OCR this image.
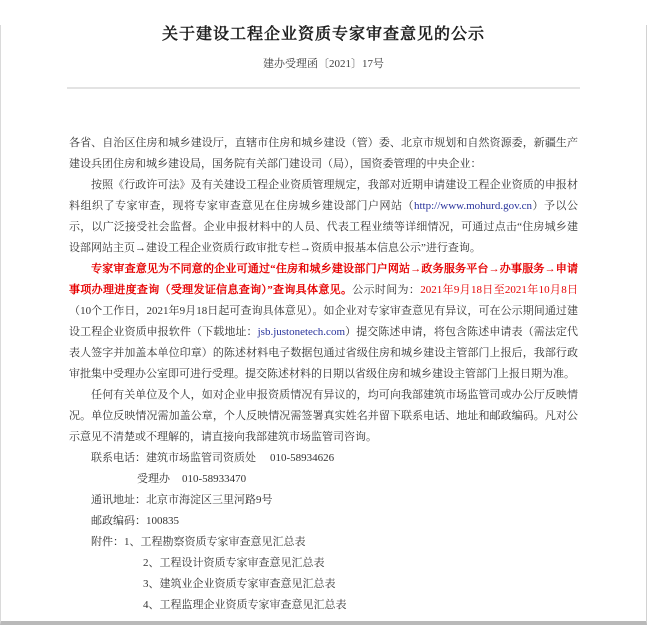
关于建设工程企业资质专家审查意见的公示
建办受理函〔2021〕17号

各省、自治区住房和城乡建设厅，直辖市住房和城乡建设（管）委、北京市规划和自然资源委，新疆生产建设兵团住房和城乡建设局，国务院有关部门建设司（局），国资委管理的中央企业：

按照《行政许可法》及有关建设工程企业资质管理规定，我部对近期申请建设工程企业资质的申报材料组织了专家审查，现将专家审查意见在住房城乡建设部门户网站（http://www.mohurd.gov.cn）予以公示，以广泛接受社会监督。企业申报材料中的人员、代表工程业绩等详细情况，可通过点击“住房城乡建设部网站主页→建设工程企业资质行政审批专栏→资质申报基本信息公示”进行查询。

专家审查意见为不同意的企业可通过“住房和城乡建设部门户网站→政务服务平台→办事服务→申请事项办理进度查询（受理发证信息查询）”查询具体意见。公示时间为：2021年9月18日至2021年10月8日（10个工作日，2021年9月18日起可查询具体意见）。如企业对专家审查意见有异议，可在公示期间通过建设工程企业资质申报软件（下载地址：jsb.justonetech.com）提交陈述申请，将包含陈述申请表（需法定代表人签字并加盖本单位印章）的陈述材料电子数据包通过省级住房和城乡建设主管部门上报后，我部行政审批集中受理办公室即可进行受理。提交陈述材料的日期以省级住房和城乡建设主管部门上报日期为准。

任何有关单位及个人，如对企业申报资质情况有异议的，均可向我部建筑市场监管司或办公厅反映情况。单位反映情况需加盖公章，个人反映情况需签署真实姓名并留下联系电话、地址和邮政编码。凡对公示意见不清楚或不理解的，请直接向我部建筑市场监管司咨询。

联系电话：建筑市场监管司资质处 010-58934626
受理办 010-58933470
通讯地址：北京市海淀区三里河路9号
邮政编码：100835
附件：1、工程勘察资质专家审查意见汇总表
2、工程设计资质专家审查意见汇总表
3、建筑业企业资质专家审查意见汇总表
4、工程监理企业资质专家审查意见汇总表
